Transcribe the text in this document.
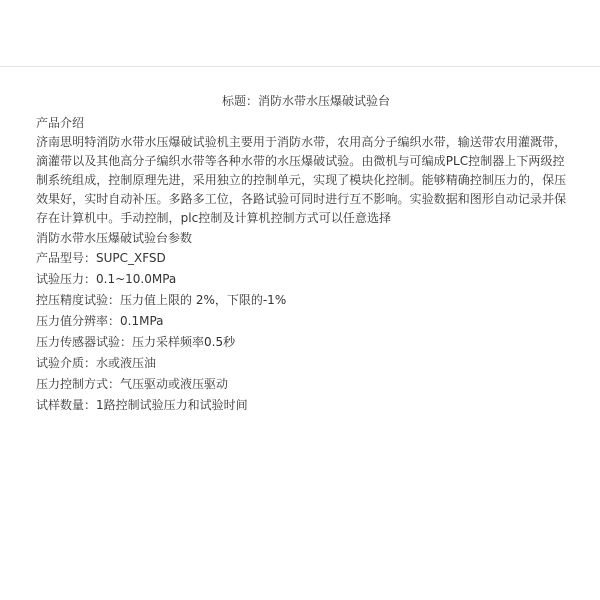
标题：消防水带水压爆破试验台

产品介绍

济南思明特消防水带水压爆破试验机主要用于消防水带，农用高分子编织水带，输送带农用灌溉带，滴灌带以及其他高分子编织水带等各种水带的水压爆破试验。由微机与可编成PLC控制器上下两级控制系统组成，控制原理先进，采用独立的控制单元，实现了模块化控制。能够精确控制压力的，保压效果好，实时自动补压。多路多工位，各路试验可同时进行互不影响。实验数据和图形自动记录并保存在计算机中。手动控制，plc控制及计算机控制方式可以任意选择

消防水带水压爆破试验台参数

产品型号：SUPC_XFSD
试验压力：0.1~10.0MPa
控压精度试验：压力值上限的 2%，下限的-1%
压力值分辨率：0.1MPa
压力传感器试验：压力采样频率0.5秒
试验介质：水或液压油
压力控制方式：气压驱动或液压驱动
试样数量：1路控制试验压力和试验时间
